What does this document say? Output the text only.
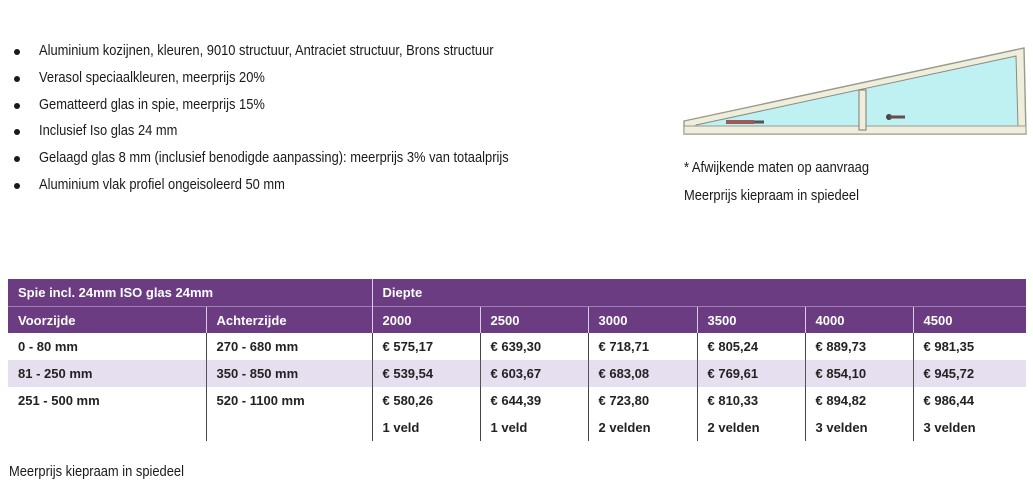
Aluminium kozijnen, kleuren, 9010 structuur, Antraciet structuur, Brons structuur
Verasol speciaalkleuren, meerprijs 20%
Gematteerd glas in spie, meerprijs 15%
Inclusief Iso glas 24 mm
Gelaagd glas 8 mm (inclusief benodigde aanpassing): meerprijs 3% van totaalprijs
Aluminium vlak profiel ongeisoleerd 50 mm
* Afwijkende maten op aanvraag
Meerprijs kiepraam in spiedeel
Spie incl. 24mm ISO glas 24mm		Diepte					
Voorzijde	Achterzijde	2000	2500	3000	3500	4000	4500
0 - 80 mm	270 - 680 mm	€ 575,17	€ 639,30	€ 718,71	€ 805,24	€ 889,73	€ 981,35
81 - 250 mm	350 - 850 mm	€ 539,54	€ 603,67	€ 683,08	€ 769,61	€ 854,10	€ 945,72
251 - 500 mm	520 - 1100 mm	€ 580,26	€ 644,39	€ 723,80	€ 810,33	€ 894,82	€ 986,44
		1 veld	1 veld	2 velden	2 velden	3 velden	3 velden
Meerprijs kiepraam in spiedeel
